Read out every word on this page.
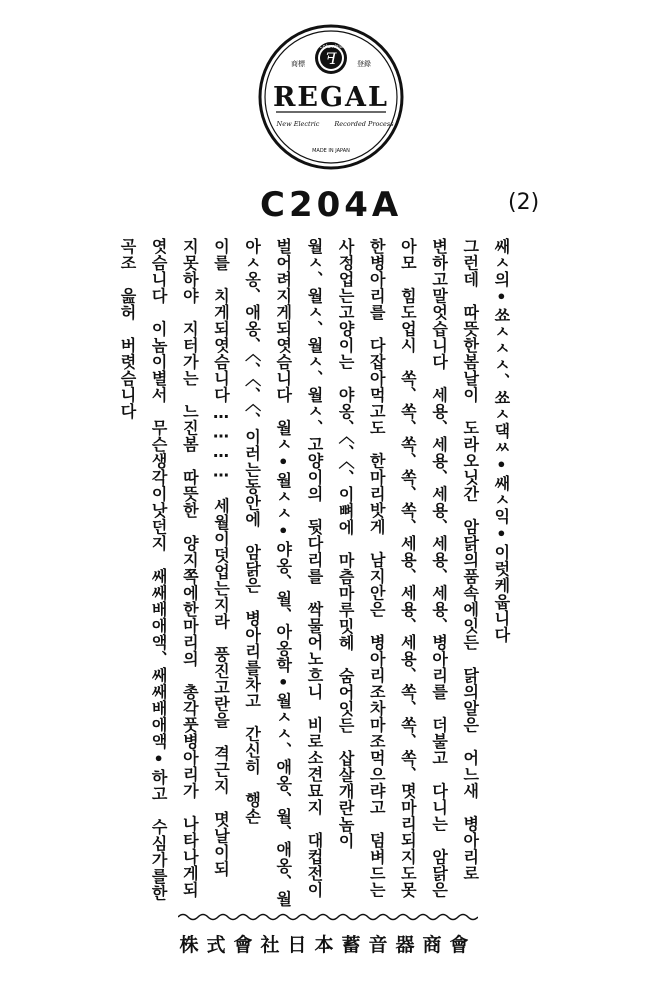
ꟻ
Columbia
商標	登錄
REGAL
New Electric Recorded Process
MADE IN JAPAN
C204A	(2)
쌔ㅅ의•쑈ㅅㅅㅅ、쑈ㅅ댁ㅆ•쌔ㅅ익•이럿케웁니다
그런데　따뜻한봄날이　도라오닛간　암닭의품속에잇든　닭의알은　어느새　병아리로
변하고말엇습니다　세용、세용、세용、세용、세용、병아리를　더불고　다니는　암닭은
아모　힘도업시　쏙、쏙、쏙、쏙、쏙、세용、세용、세용、쏙、쏙、쏙、몃마리되지도못
한병아리를　다잡아먹고도　한마리밧게　남지안은　병아리조차마조먹으랴고　덤벼드는
사정업는고양이는　야옹、〈、〈、이뼈에　마츰마루밋헤　숨어잇든　삽살개란놈이
월ㅅ、월ㅅ、월ㅅ、월ㅅ、고양이의　뒷다리를　싹물어노흐니　비로소견묘지　대컵전이
벌어려지게되엿슴니다　월ㅅ•월ㅅㅅ•야옹、월、아옹학•월ㅅㅅ、애옹、월、애옹、월
아ㅅ옹、애옹、〈、〈、〈、이러는동안에　암닭은　병아리를차고　간신히　행손
이를　치게되엿슴니다…………　세월이덧업는지라　풍진고란을　격근지　몃날이되
지못하야　지터가는　느진봄　따뜻한　양지쪽에한마리의　총각풋병아리가　나타나게되
엿슴니다　이놈이별서　무슨생각이낫던지　쌔쌔배애액、쌔쌔배애액•하고　수심가를한
곡조　읊허　버렷슴니다
株式會社日本蓄音器商會
